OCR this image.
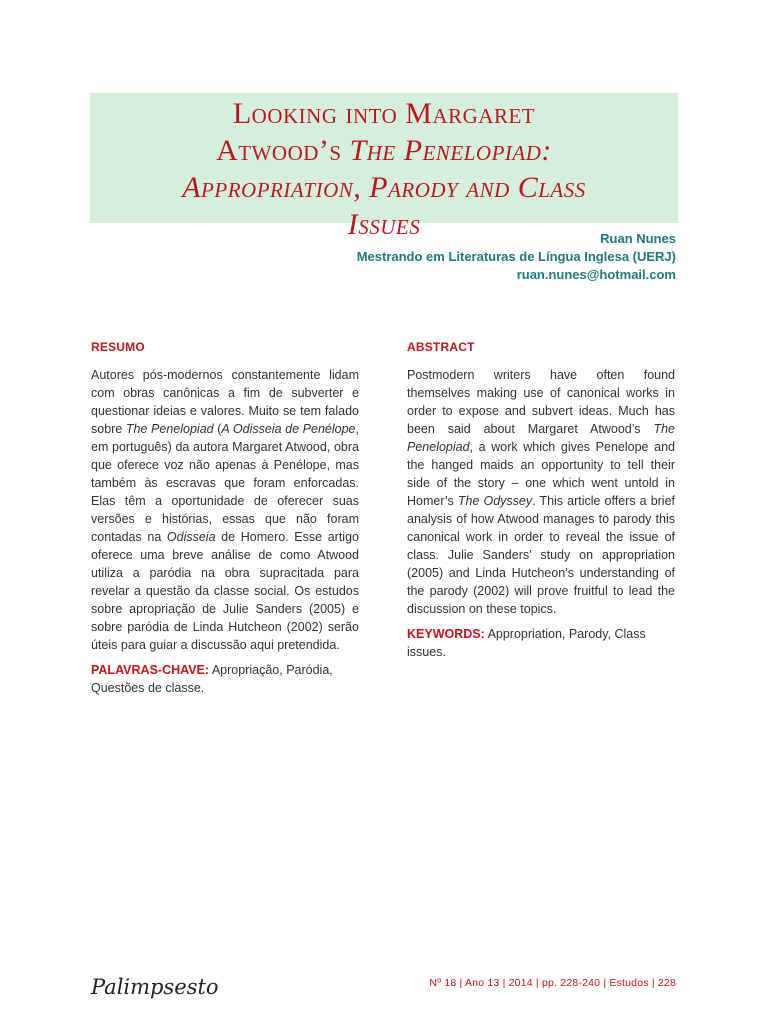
Looking into Margaret
Atwood’s The Penelopiad:
Appropriation, Parody and Class
Issues	Ruan Nunes
Mestrando em Literaturas de Língua Inglesa (UERJ)
ruan.nunes@hotmail.com
RESUMO
Autores pós-modernos constantemente lidam com obras canônicas a fim de subverter e questionar ideias e valores. Muito se tem falado sobre The Penelopiad (A Odisseia de Penélope, em português) da autora Margaret Atwood, obra que oferece voz não apenas à Penélope, mas também às escravas que foram enforcadas. Elas têm a oportunidade de oferecer suas versões e histórias, essas que não foram contadas na Odisseia de Homero. Esse artigo oferece uma breve análise de como Atwood utiliza a paródia na obra supracitada para revelar a questão da classe social. Os estudos sobre apropriação de Julie Sanders (2005) e sobre paródia de Linda Hutcheon (2002) serão úteis para guiar a discussão aqui pretendida.
PALAVRAS-CHAVE: Apropriação, Paródia, Questões de classe.
ABSTRACT
Postmodern writers have often found themselves making use of canonical works in order to expose and subvert ideas. Much has been said about Margaret Atwood’s The Penelopiad, a work which gives Penelope and the hanged maids an opportunity to tell their side of the story – one which went untold in Homer’s The Odyssey. This article offers a brief analysis of how Atwood manages to parody this canonical work in order to reveal the issue of class. Julie Sanders’ study on appropriation (2005) and Linda Hutcheon’s understanding of the parody (2002) will prove fruitful to lead the discussion on these topics.
KEYWORDS: Appropriation, Parody, Class issues.
Palimpsesto	Nº 18 | Ano 13 | 2014 | pp. 228-240 | Estudos | 228
